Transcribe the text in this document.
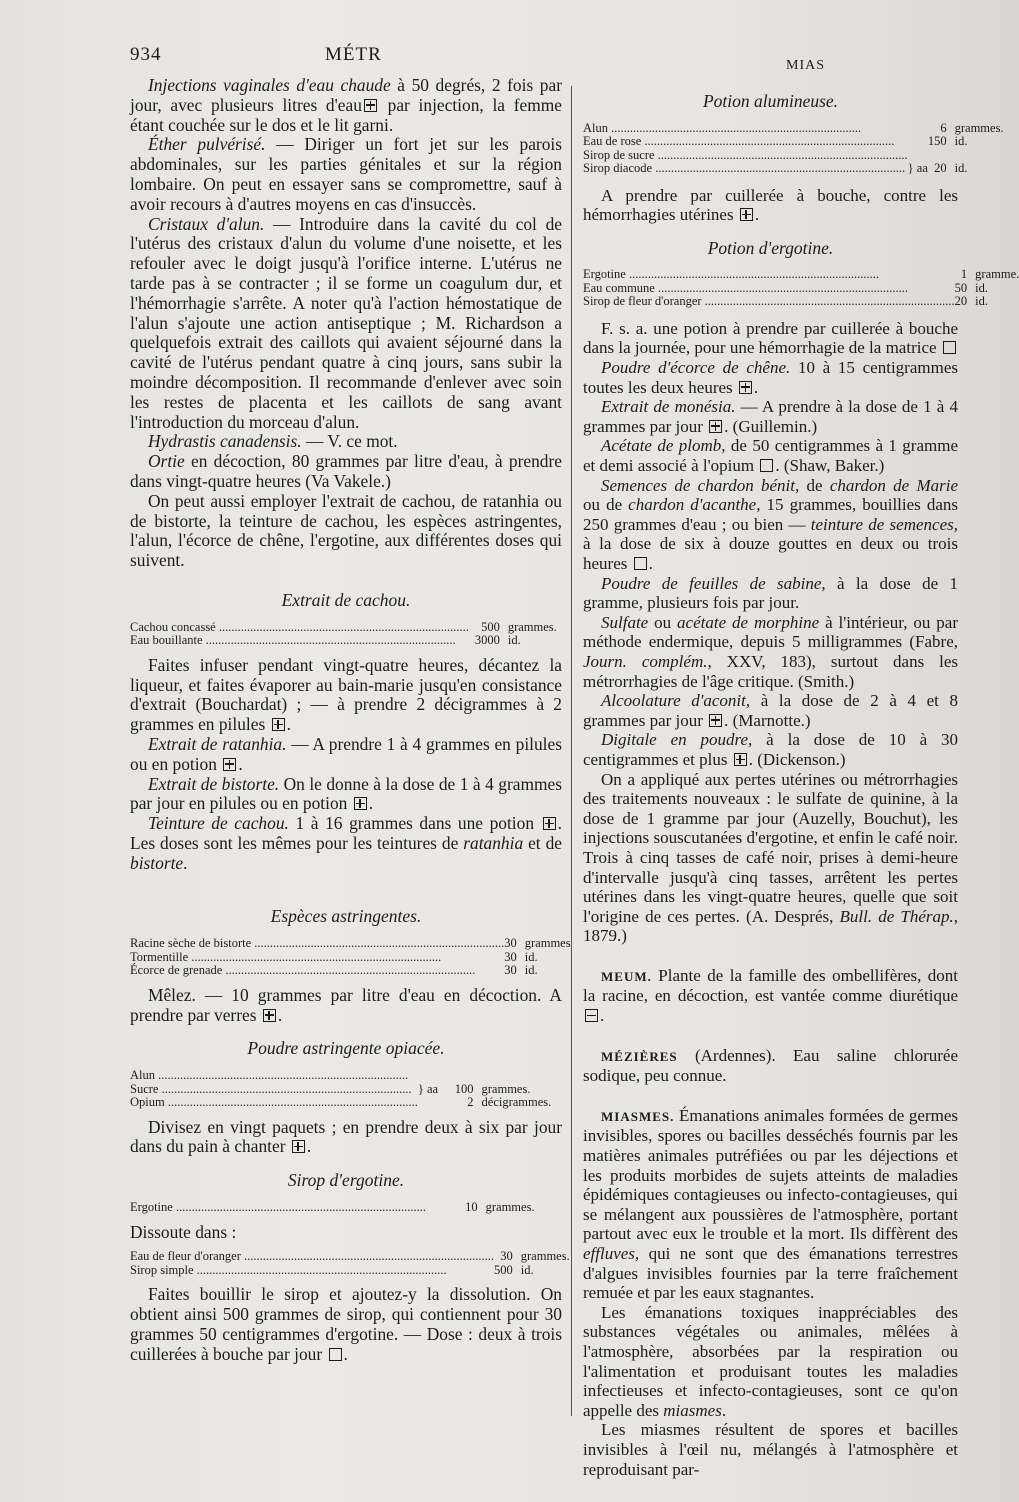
934	MÉTR
MIAS

Injections vaginales d'eau chaude à 50 degrés, 2 fois par jour, avec plusieurs litres d'eau par injection, la femme étant couchée sur le dos et le lit garni.

Éther pulvérisé. — Diriger un fort jet sur les parois abdominales, sur les parties génitales et sur la région lombaire. On peut en essayer sans se compromettre, sauf à avoir recours à d'autres moyens en cas d'insuccès.

Cristaux d'alun. — Introduire dans la cavité du col de l'utérus des cristaux d'alun du volume d'une noisette, et les refouler avec le doigt jusqu'à l'orifice interne. L'utérus ne tarde pas à se contracter ; il se forme un coagulum dur, et l'hémorrhagie s'arrête. A noter qu'à l'action hémostatique de l'alun s'ajoute une action antiseptique ; M. Richardson a quelquefois extrait des caillots qui avaient séjourné dans la cavité de l'utérus pendant quatre à cinq jours, sans subir la moindre décomposition. Il recommande d'enlever avec soin les restes de placenta et les caillots de sang avant l'introduction du morceau d'alun.

Hydrastis canadensis. — V. ce mot.

Ortie en décoction, 80 grammes par litre d'eau, à prendre dans vingt-quatre heures (Va Vakele.)

On peut aussi employer l'extrait de cachou, de ratanhia ou de bistorte, la teinture de cachou, les espèces astringentes, l'alun, l'écorce de chêne, l'ergotine, aux différentes doses qui suivent.

Extrait de cachou.
Cachou concassé ................................................................................		500	grammes.
Eau bouillante ................................................................................		3000	id.

Faites infuser pendant vingt-quatre heures, décantez la liqueur, et faites évaporer au bain-marie jusqu'en consistance d'extrait (Bouchardat) ; — à prendre 2 décigrammes à 2 grammes en pilules .

Extrait de ratanhia. — A prendre 1 à 4 grammes en pilules ou en potion .

Extrait de bistorte. On le donne à la dose de 1 à 4 grammes par jour en pilules ou en potion .

Teinture de cachou. 1 à 16 grammes dans une potion . Les doses sont les mêmes pour les teintures de ratanhia et de bistorte.

Espèces astringentes.
Racine sèche de bistorte ................................................................................		30	grammes
Tormentille ................................................................................		30	id.
Écorce de grenade ................................................................................		30	id.

Mêlez. — 10 grammes par litre d'eau en décoction. A prendre par verres .

Poudre astringente opiacée.
Alun ................................................................................			
Sucre ................................................................................	} aa	100	grammes.
Opium ................................................................................		2	décigrammes.

Divisez en vingt paquets ; en prendre deux à six par jour dans du pain à chanter .

Sirop d'ergotine.
Ergotine ................................................................................		10	grammes.

Dissoute dans :

Eau de fleur d'oranger ................................................................................		30	grammes.
Sirop simple ................................................................................		500	id.

Faites bouillir le sirop et ajoutez-y la dissolution. On obtient ainsi 500 grammes de sirop, qui contiennent pour 30 grammes 50 centigrammes d'ergotine. — Dose : deux à trois cuillerées à bouche par jour .

Potion alumineuse.
Alun ................................................................................		6	grammes.
Eau de rose ................................................................................		150	id.
Sirop de sucre ................................................................................			
Sirop diacode ................................................................................	} aa	20	id.

A prendre par cuillerée à bouche, contre les hémorrhagies utérines .

Potion d'ergotine.
Ergotine ................................................................................		1	gramme.
Eau commune ................................................................................		50	id.
Sirop de fleur d'oranger ................................................................................		20	id.

F. s. a. une potion à prendre par cuillerée à bouche dans la journée, pour une hémorrhagie de la matrice

Poudre d'écorce de chêne. 10 à 15 centigrammes toutes les deux heures .

Extrait de monésia. — A prendre à la dose de 1 à 4 grammes par jour . (Guillemin.)

Acétate de plomb, de 50 centigrammes à 1 gramme et demi associé à l'opium . (Shaw, Baker.)

Semences de chardon bénit, de chardon de Marie ou de chardon d'acanthe, 15 grammes, bouillies dans 250 grammes d'eau ; ou bien — teinture de semences, à la dose de six à douze gouttes en deux ou trois heures .

Poudre de feuilles de sabine, à la dose de 1 gramme, plusieurs fois par jour.

Sulfate ou acétate de morphine à l'intérieur, ou par méthode endermique, depuis 5 milligrammes (Fabre, Journ. complém., XXV, 183), surtout dans les métrorrhagies de l'âge critique. (Smith.)

Alcoolature d'aconit, à la dose de 2 à 4 et 8 grammes par jour . (Marnotte.)

Digitale en poudre, à la dose de 10 à 30 centigrammes et plus . (Dickenson.)

On a appliqué aux pertes utérines ou métrorrhagies des traitements nouveaux : le sulfate de quinine, à la dose de 1 gramme par jour (Auzelly, Bouchut), les injections souscutanées d'ergotine, et enfin le café noir. Trois à cinq tasses de café noir, prises à demi-heure d'intervalle jusqu'à cinq tasses, arrêtent les pertes utérines dans les vingt-quatre heures, quelle que soit l'origine de ces pertes. (A. Després, Bull. de Thérap., 1879.)

MEUM. Plante de la famille des ombellifères, dont la racine, en décoction, est vantée comme diurétique .

MÉZIÈRES (Ardennes). Eau saline chlorurée sodique, peu connue.

MIASMES. Émanations animales formées de germes invisibles, spores ou bacilles desséchés fournis par les matières animales putréfiées ou par les déjections et les produits morbides de sujets atteints de maladies épidémiques contagieuses ou infecto-contagieuses, qui se mélangent aux poussières de l'atmosphère, portant partout avec eux le trouble et la mort. Ils diffèrent des effluves, qui ne sont que des émanations terrestres d'algues invisibles fournies par la terre fraîchement remuée et par les eaux stagnantes.

Les émanations toxiques inappréciables des substances végétales ou animales, mêlées à l'atmosphère, absorbées par la respiration ou l'alimentation et produisant toutes les maladies infectieuses et infecto-contagieuses, sont ce qu'on appelle des miasmes.

Les miasmes résultent de spores et bacilles invisibles à l'œil nu, mélangés à l'atmosphère et reproduisant par-
